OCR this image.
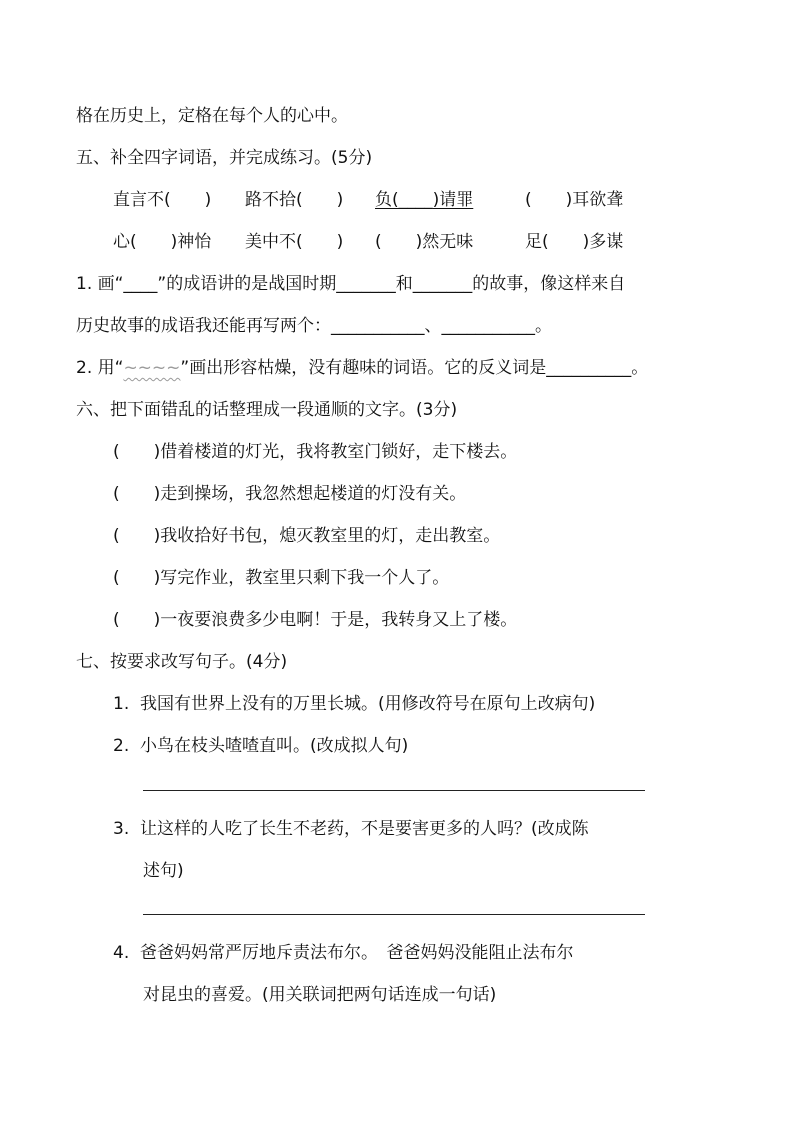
格在历史上，定格在每个人的心中。
五、补全四字词语，并完成练习。(5分)
直言不(　　) 路不拾(　　) 负(____)请罪	(　　)耳欲聋
心(　　)神怡 美中不(　　) (　　)然无味	足(　　)多谋
1. 画“____”的成语讲的是战国时期_______和_______的故事，像这样来自
历史故事的成语我还能再写两个：___________、___________。
2. 用“~~~~”画出形容枯燥，没有趣味的词语。它的反义词是__________。
六、把下面错乱的话整理成一段通顺的文字。(3分)
(　　)借着楼道的灯光，我将教室门锁好，走下楼去。
(　　)走到操场，我忽然想起楼道的灯没有关。
(　　)我收拾好书包，熄灭教室里的灯，走出教室。
(　　)写完作业，教室里只剩下我一个人了。
(　　)一夜要浪费多少电啊！于是，我转身又上了楼。
七、按要求改写句子。(4分)
1.  我国有世界上没有的万里长城。(用修改符号在原句上改病句)
2.  小鸟在枝头喳喳直叫。(改成拟人句)
3.  让这样的人吃了长生不老药，不是要害更多的人吗？(改成陈
述句)
4.  爸爸妈妈常严厉地斥责法布尔。　爸爸妈妈没能阻止法布尔
对昆虫的喜爱。(用关联词把两句话连成一句话)
